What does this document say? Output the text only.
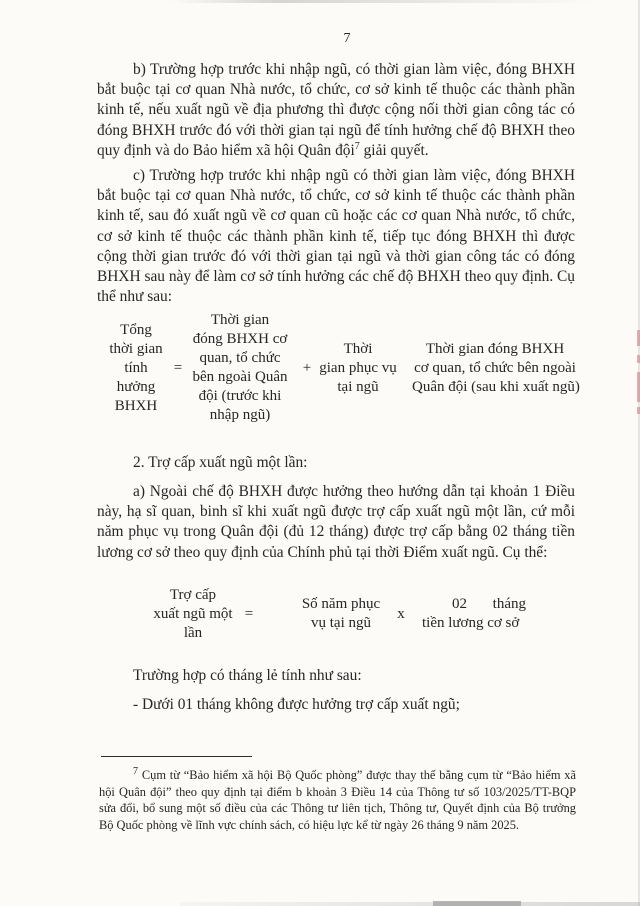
7

b) Trường hợp trước khi nhập ngũ, có thời gian làm việc, đóng BHXH bắt buộc tại cơ quan Nhà nước, tổ chức, cơ sở kinh tế thuộc các thành phần kinh tế, nếu xuất ngũ về địa phương thì được cộng nối thời gian công tác có đóng BHXH trước đó với thời gian tại ngũ để tính hưởng chế độ BHXH theo quy định và do Bảo hiểm xã hội Quân đội$^7$ giải quyết.

c) Trường hợp trước khi nhập ngũ có thời gian làm việc, đóng BHXH bắt buộc tại cơ quan Nhà nước, tổ chức, cơ sở kinh tế thuộc các thành phần kinh tế, sau đó xuất ngũ về cơ quan cũ hoặc các cơ quan Nhà nước, tổ chức, cơ sở kinh tế thuộc các thành phần kinh tế, tiếp tục đóng BHXH thì được cộng thời gian trước đó với thời gian tại ngũ và thời gian công tác có đóng BHXH sau này để làm cơ sở tính hưởng các chế độ BHXH theo quy định. Cụ thể như sau:

Tổng
thời gian
tính
hưởng
BHXH
=
Thời gian
đóng BHXH cơ
quan, tổ chức
bên ngoài Quân
đội (trước khi
nhập ngũ)
+
Thời
gian phục vụ
tại ngũ
Thời gian đóng BHXH
cơ quan, tổ chức bên ngoài
Quân đội (sau khi xuất ngũ)

2. Trợ cấp xuất ngũ một lần:

a) Ngoài chế độ BHXH được hưởng theo hướng dẫn tại khoản 1 Điều này, hạ sĩ quan, binh sĩ khi xuất ngũ được trợ cấp xuất ngũ một lần, cứ mỗi năm phục vụ trong Quân đội (đủ 12 tháng) được trợ cấp bằng 02 tháng tiền lương cơ sở theo quy định của Chính phủ tại thời Điểm xuất ngũ. Cụ thể:

Trợ cấp
xuất ngũ một
lần
=
Số năm phục
vụ tại ngũ
x
02 tháng
tiền lương cơ sở

Trường hợp có tháng lẻ tính như sau:

- Dưới 01 tháng không được hưởng trợ cấp xuất ngũ;

$^7$ Cụm từ “Bảo hiểm xã hội Bộ Quốc phòng” được thay thế bằng cụm từ “Bảo hiểm xã hội Quân đội” theo quy định tại điểm b khoản 3 Điều 14 của Thông tư số 103/2025/TT-BQP sửa đổi, bổ sung một số điều của các Thông tư liên tịch, Thông tư, Quyết định của Bộ trưởng Bộ Quốc phòng về lĩnh vực chính sách, có hiệu lực kể từ ngày 26 tháng 9 năm 2025.
